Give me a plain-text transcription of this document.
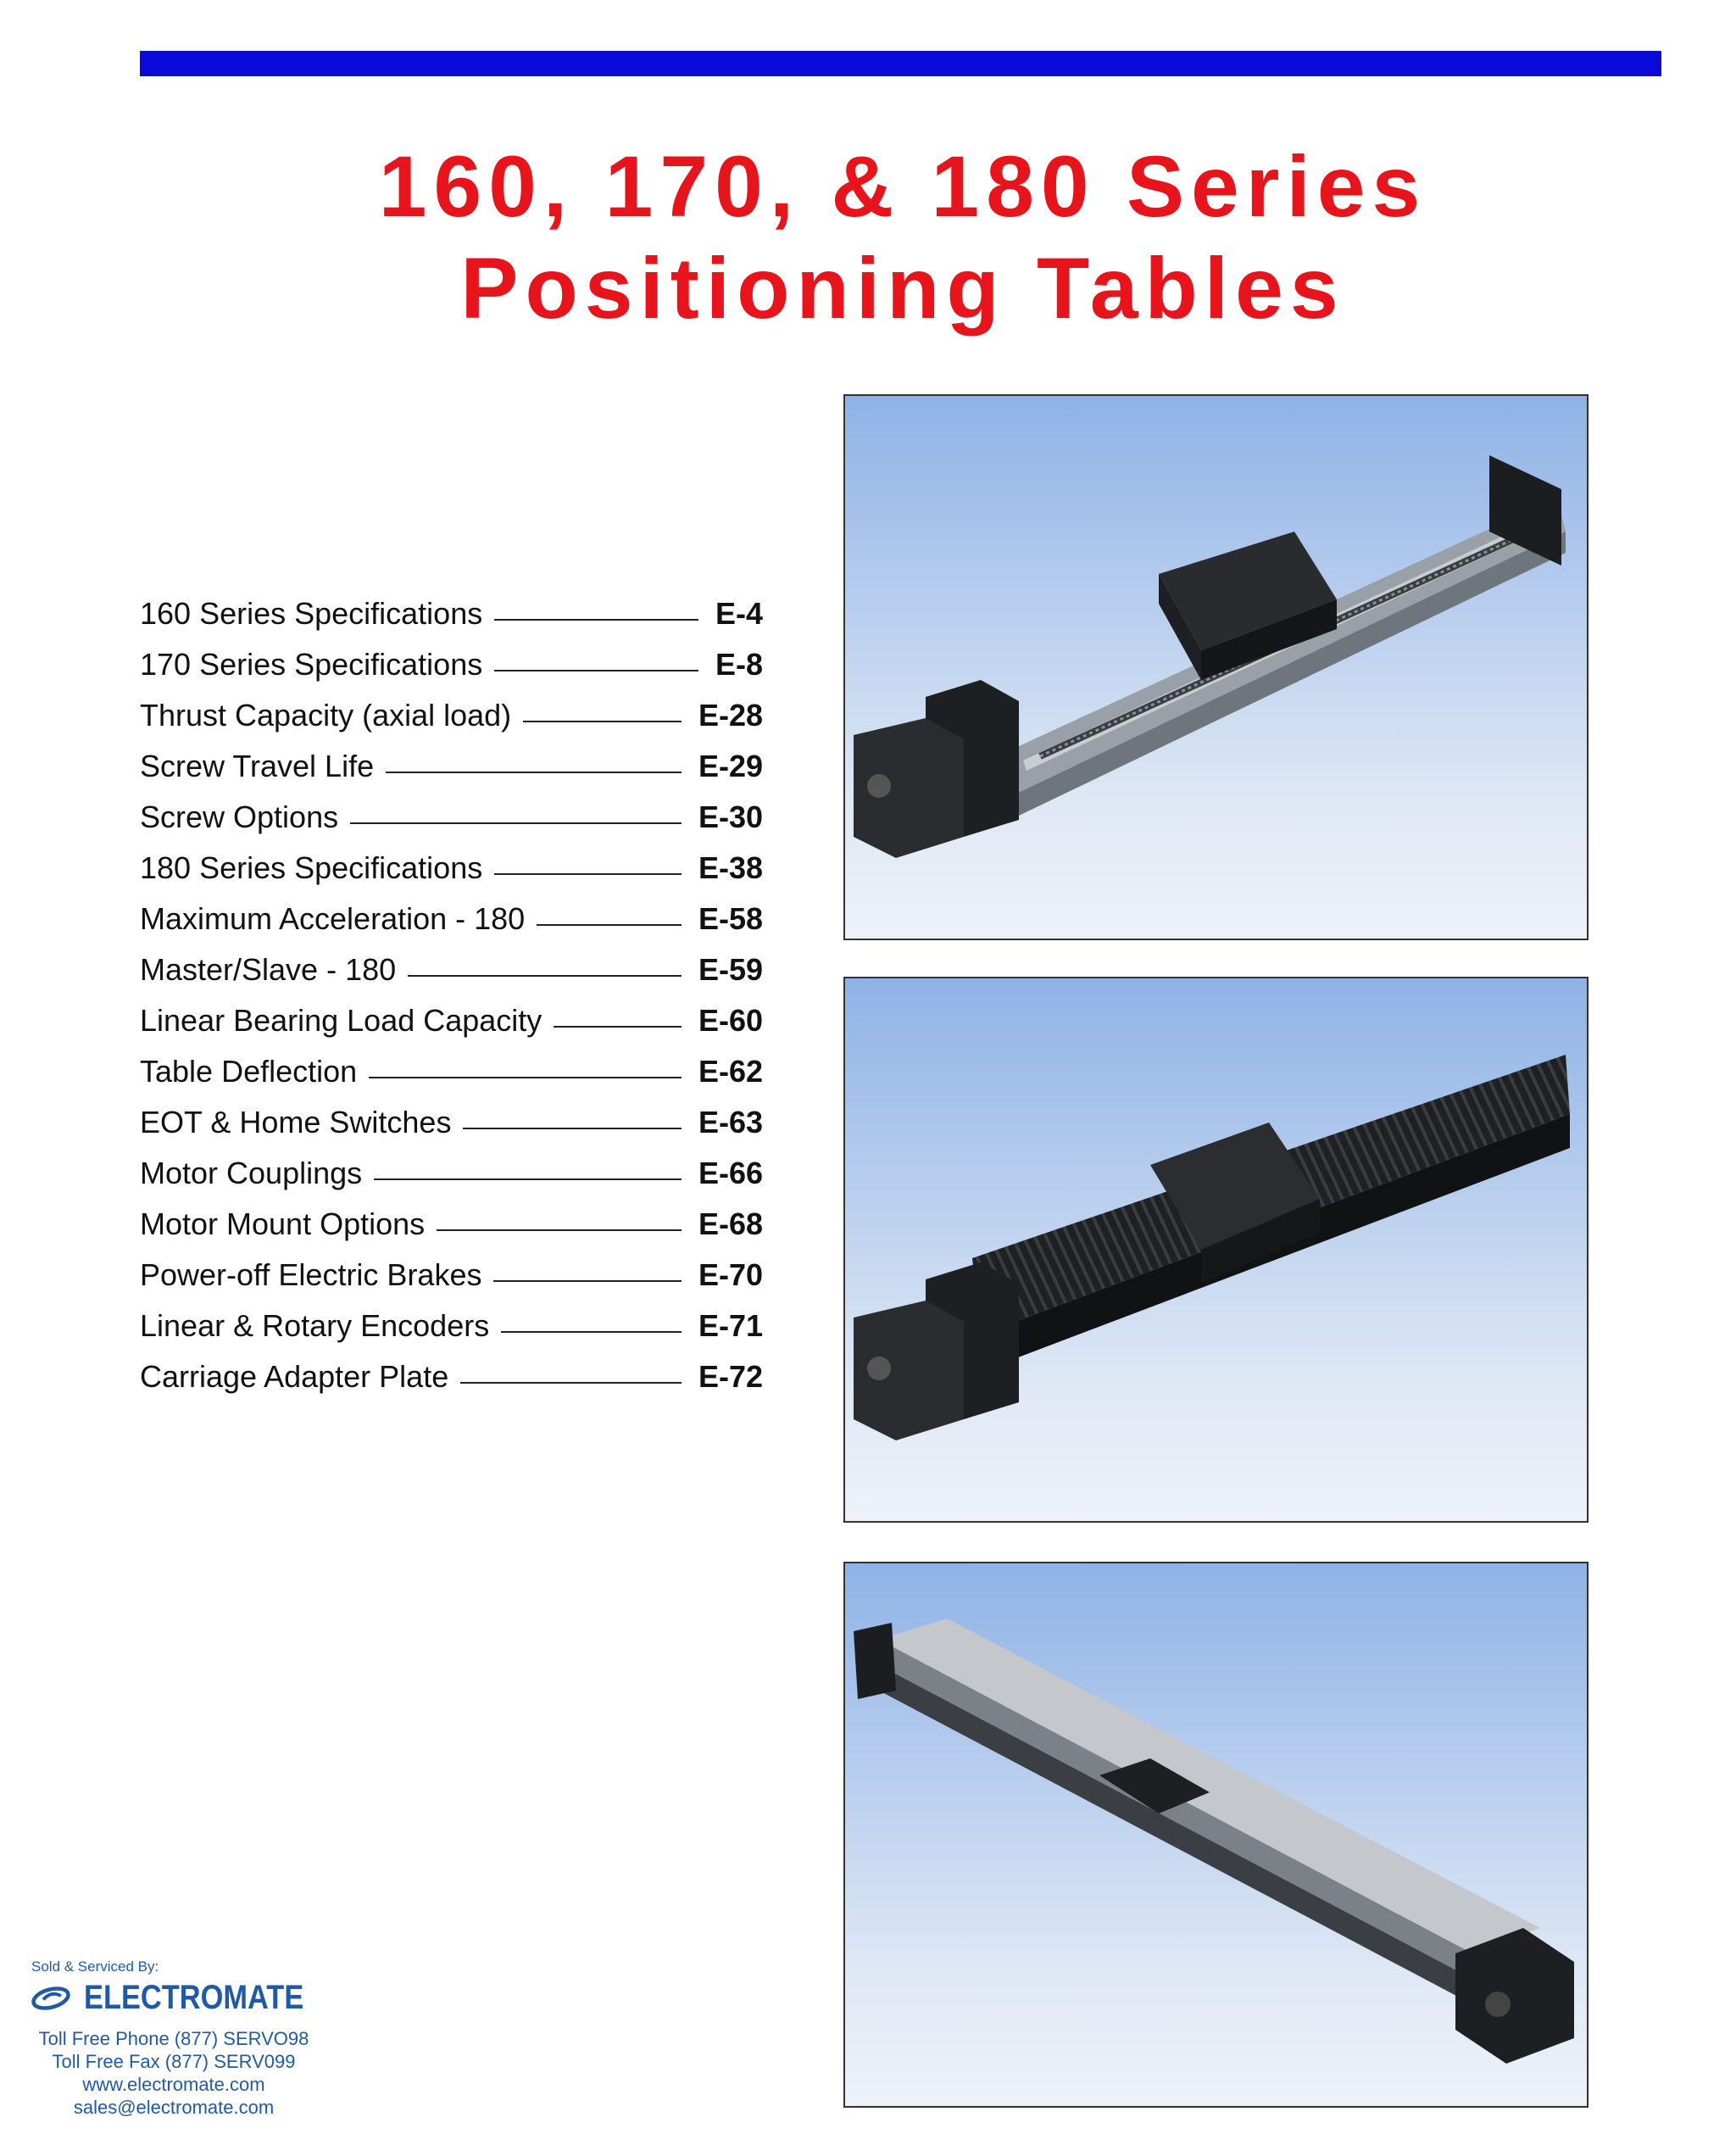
160, 170, & 180 Series
Positioning Tables
160 Series Specifications	E-4
170 Series Specifications	E-8
Thrust Capacity (axial load)	E-28
Screw Travel Life	E-29
Screw Options	E-30
180 Series Specifications	E-38
Maximum Acceleration - 180	E-58
Master/Slave - 180	E-59
Linear Bearing Load Capacity	E-60
Table Deflection	E-62
EOT & Home Switches	E-63
Motor Couplings	E-66
Motor Mount Options	E-68
Power-off Electric Brakes	E-70
Linear & Rotary Encoders	E-71
Carriage Adapter Plate	E-72
Sold & Serviced By:
ELECTROMATE
Toll Free Phone (877) SERVO98
Toll Free Fax (877) SERV099
www.electromate.com
sales@electromate.com
